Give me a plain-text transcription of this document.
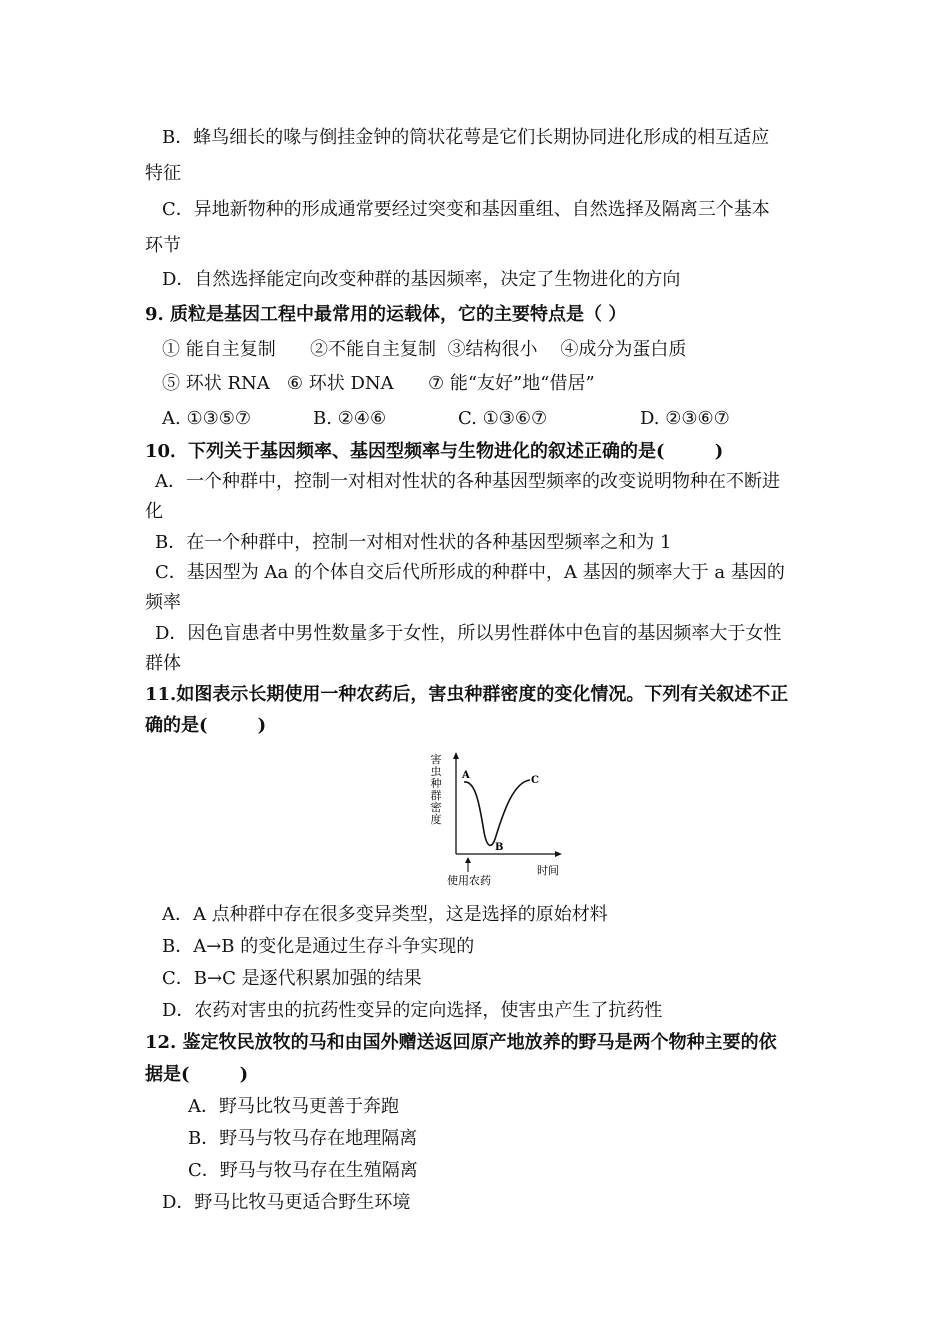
B．蜂鸟细长的喙与倒挂金钟的筒状花萼是它们长期协同进化形成的相互适应
特征
C．异地新物种的形成通常要经过突变和基因重组、自然选择及隔离三个基本
环节
D．自然选择能定向改变种群的基因频率，决定了生物进化的方向
9. 质粒是基因工程中最常用的运载体，它的主要特点是（ ）
① 能自主复制      ②不能自主复制  ③结构很小    ④成分为蛋白质
⑤ 环状 RNA   ⑥ 环状 DNA      ⑦ 能“友好”地“借居”
A. ①③⑤⑦	B. ②④⑥	C. ①③⑥⑦	D. ②③⑥⑦
10．下列关于基因频率、基因型频率与生物进化的叙述正确的是(        )
A．一个种群中，控制一对相对性状的各种基因型频率的改变说明物种在不断进
化
B．在一个种群中，控制一对相对性状的各种基因型频率之和为 1
C．基因型为 Aa 的个体自交后代所形成的种群中，A 基因的频率大于 a 基因的
频率
D．因色盲患者中男性数量多于女性，所以男性群体中色盲的基因频率大于女性
群体
11.如图表示长期使用一种农药后，害虫种群密度的变化情况。下列有关叙述不正
确的是(        )
害
虫
种
群
密
度
A
B
C
时间
使用农药
A．A 点种群中存在很多变异类型，这是选择的原始材料
B．A→B 的变化是通过生存斗争实现的
C．B→C 是逐代积累加强的结果
D．农药对害虫的抗药性变异的定向选择，使害虫产生了抗药性
12. 鉴定牧民放牧的马和由国外赠送返回原产地放养的野马是两个物种主要的依
据是(        )
A．野马比牧马更善于奔跑
B．野马与牧马存在地理隔离
C．野马与牧马存在生殖隔离
D．野马比牧马更适合野生环境
